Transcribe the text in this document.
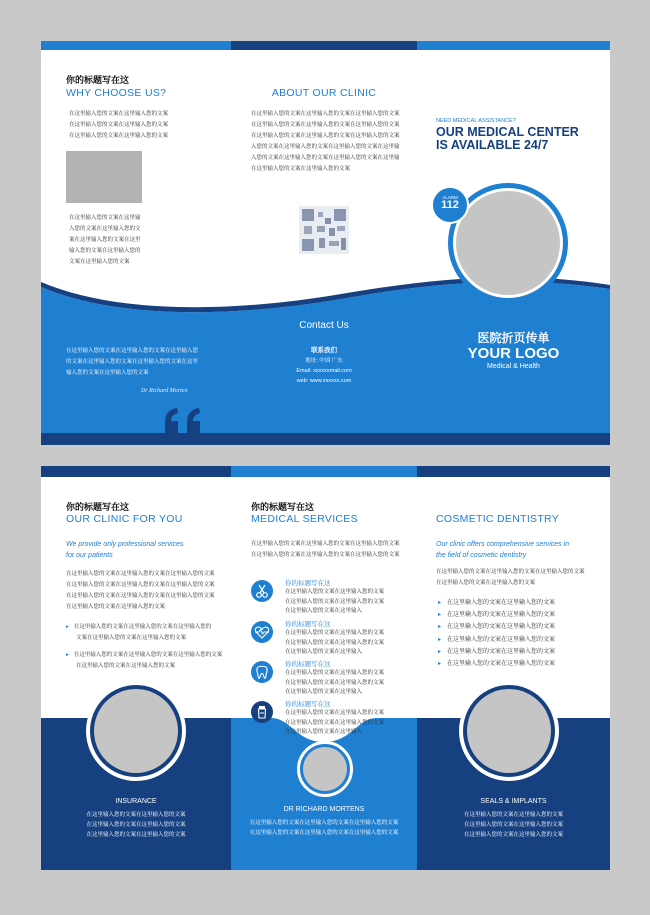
你的标题写在这
WHY CHOOSE US?
在这里输入您的文案在这里输入您的文案
在这里输入您的文案在这里输入您的文案
在这里输入您的文案在这里输入您的文案
在这里输入您的文案在这里输
入您的文案在这里输入您的文
案在这里输入您的文案在这里
输入您的文案在这里输入您的
文案在这里输入您的文案
在这里输入您的文案在这里输入您的文案在这里输入您
的文案在这里输入您的文案在这里输入您的文案在这里
输入您的文案在这里输入您的文案
Dr Richard Morten
ABOUT OUR CLINIC
在这里输入您的文案在这里输入您的文案在这里输入您的文案
在这里输入您的文案在这里输入您的文案在这里输入您的文案
在这里输入您的文案在这里输入您的文案在这里输入您的文案
入您的文案在这里输入您的文案在这里输入您的文案在这里输
入您的文案在这里输入您的文案在这里输入您的文案在这里输
在这里输入您的文案在这里输入您的文案
Contact Us
联系我们
地址: 中国 广东
Email: xxxxxxmail.com
web: www.xxxxxx.com
NEED MEDICAL ASSISTANCE?
OUR MEDICAL CENTER
IS AVAILABLE 24/7
ALARM
112
医院折页传单
YOUR LOGO
Medical & Health
你的标题写在这
OUR CLINIC FOR YOU
We provide only professional services
for our patients
在这里输入您的文案在这里输入您的文案在这里输入您的文案
在这里输入您的文案在这里输入您的文案在这里输入您的文案
在这里输入您的文案在这里输入您的文案在这里输入您的文案
在这里输入您的文案在这里输入您的文案
▸ 在这里输入您的文案在这里输入您的文案在这里输入您的
文案在这里输入您的文案在这里输入您的文案
▸ 在这里输入您的文案在这里输入您的文案在这里输入您的文案
在这里输入您的文案在这里输入您的文案
INSURANCE
在这里输入您的文案在这里输入您的文案
在这里输入您的文案在这里输入您的文案
在这里输入您的文案在这里输入您的文案
你的标题写在这
MEDICAL SERVICES
在这里输入您的文案在这里输入您的文案在这里输入您的文案
在这里输入您的文案在这里输入您的文案在这里输入您的文案
你的标题写在这
在这里输入您的文案在这里输入您的文案
在这里输入您的文案在这里输入您的文案
在这里输入您的文案在这里输入
你的标题写在这
在这里输入您的文案在这里输入您的文案
在这里输入您的文案在这里输入您的文案
在这里输入您的文案在这里输入
你的标题写在这
在这里输入您的文案在这里输入您的文案
在这里输入您的文案在这里输入您的文案
在这里输入您的文案在这里输入
你的标题写在这
在这里输入您的文案在这里输入您的文案
在这里输入您的文案在这里输入您的文案
在这里输入您的文案在这里输入
DR RICHARD MORTENS
在这里输入您的文案在这里输入您的文案在这里输入您的文案
在这里输入您的文案在这里输入您的文案在这里输入您的文案
COSMETIC DENTISTRY
Our clinic offers comprehensive services in
the field of cosmetic dentistry
在这里输入您的文案在这里输入您的文案在这里输入您的文案
在这里输入您的文案在这里输入您的文案
▸ 在这里输入您的文案在这里输入您的文案
▸ 在这里输入您的文案在这里输入您的文案
▸ 在这里输入您的文案在这里输入您的文案
▸ 在这里输入您的文案在这里输入您的文案
▸ 在这里输入您的文案在这里输入您的文案
▸ 在这里输入您的文案在这里输入您的文案
SEALS & IMPLANTS
在这里输入您的文案在这里输入您的文案
在这里输入您的文案在这里输入您的文案
在这里输入您的文案在这里输入您的文案
